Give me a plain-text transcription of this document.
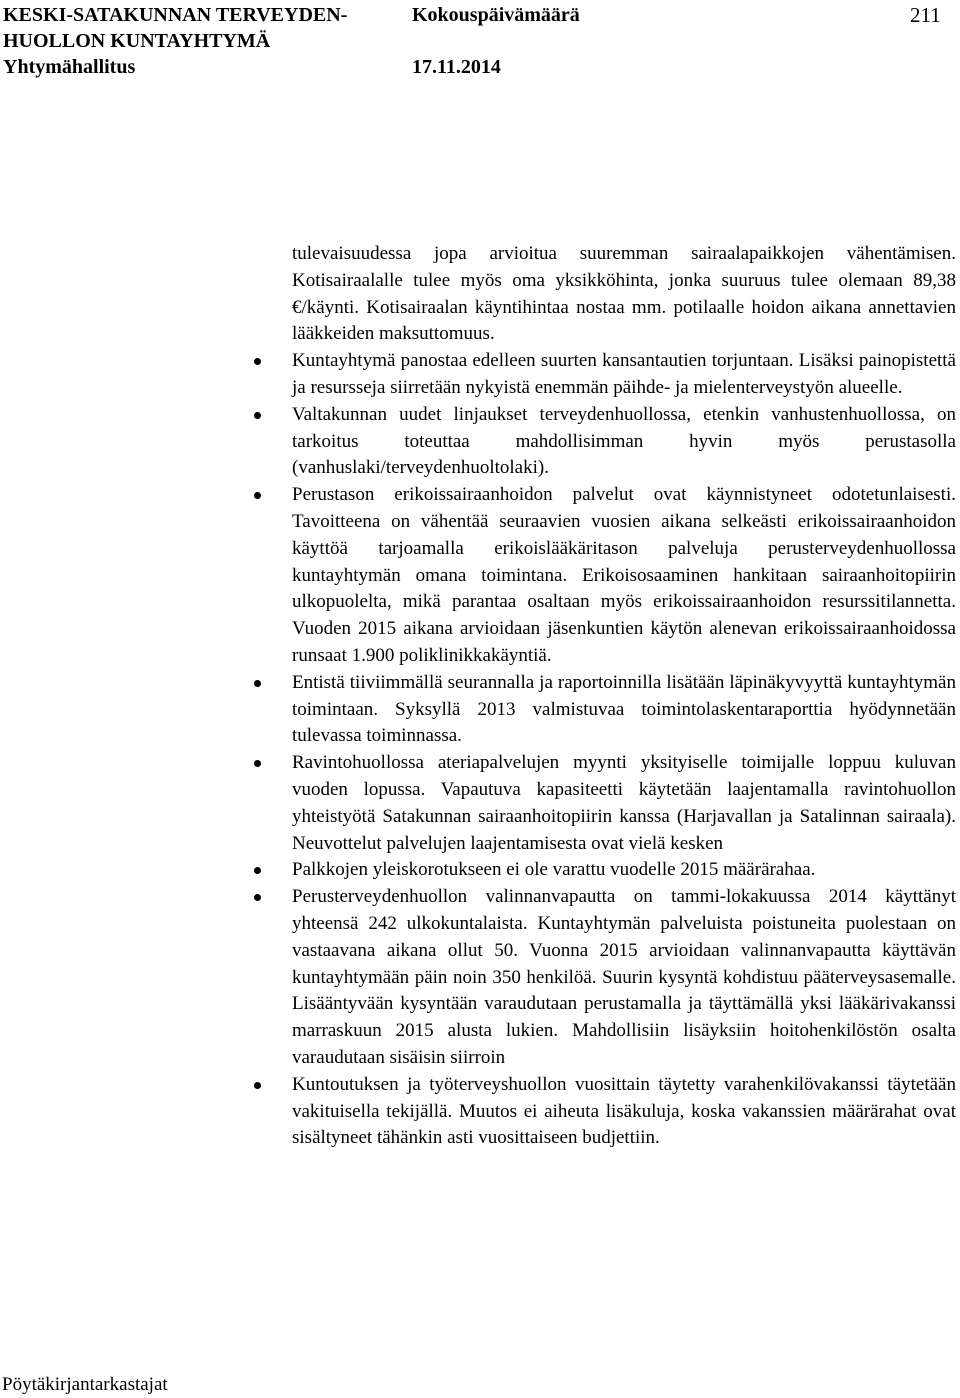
KESKI-SATAKUNNAN TERVEYDEN-
HUOLLON KUNTAYHTYMÄ
Kokouspäivämäärä	211
Yhtymähallitus	17.11.2014

tulevaisuudessa jopa arvioitua suuremman sairaalapaikkojen vähentämisen. Kotisairaalalle tulee myös oma yksikköhinta, jonka suuruus tulee olemaan 89,38 €/käynti. Kotisairaalan käyntihintaa nostaa mm. potilaalle hoidon aikana annettavien lääkkeiden maksuttomuus.

Kuntayhtymä panostaa edelleen suurten kansantautien torjuntaan. Lisäksi painopistettä ja resursseja siirretään nykyistä enemmän päihde- ja mielenterveystyön alueelle.
Valtakunnan uudet linjaukset terveydenhuollossa, etenkin vanhustenhuollossa, on tarkoitus toteuttaa mahdollisimman hyvin myös perustasolla (vanhuslaki/terveydenhuoltolaki).
Perustason erikoissairaanhoidon palvelut ovat käynnistyneet odotetunlaisesti. Tavoitteena on vähentää seuraavien vuosien aikana selkeästi erikoissairaanhoidon käyttöä tarjoamalla erikoislääkäritason palveluja perusterveydenhuollossa kuntayhtymän omana toimintana. Erikoisosaaminen hankitaan sairaanhoitopiirin ulkopuolelta, mikä parantaa osaltaan myös erikoissairaanhoidon resurssitilannetta. Vuoden 2015 aikana arvioidaan jäsenkuntien käytön alenevan erikoissairaanhoidossa runsaat 1.900 poliklinikkakäyntiä.
Entistä tiiviimmällä seurannalla ja raportoinnilla lisätään läpinäkyvyyttä kuntayhtymän toimintaan. Syksyllä 2013 valmistuvaa toimintolaskentaraporttia hyödynnetään tulevassa toiminnassa.
Ravintohuollossa ateriapalvelujen myynti yksityiselle toimijalle loppuu kuluvan vuoden lopussa. Vapautuva kapasiteetti käytetään laajentamalla ravintohuollon yhteistyötä Satakunnan sairaanhoitopiirin kanssa (Harjavallan ja Satalinnan sairaala). Neuvottelut palvelujen laajentamisesta ovat vielä kesken
Palkkojen yleiskorotukseen ei ole varattu vuodelle 2015 määrärahaa.
Perusterveydenhuollon valinnanvapautta on tammi-lokakuussa 2014 käyttänyt yhteensä 242 ulkokuntalaista. Kuntayhtymän palveluista poistuneita puolestaan on vastaavana aikana ollut 50. Vuonna 2015 arvioidaan valinnanvapautta käyttävän kuntayhtymään päin noin 350 henkilöä. Suurin kysyntä kohdistuu pääterveysasemalle. Lisääntyvään kysyntään varaudutaan perustamalla ja täyttämällä yksi lääkärivakanssi marraskuun 2015 alusta lukien. Mahdollisiin lisäyksiin hoitohenkilöstön osalta varaudutaan sisäisin siirroin
Kuntoutuksen ja työterveyshuollon vuosittain täytetty varahenkilövakanssi täytetään vakituisella tekijällä. Muutos ei aiheuta lisäkuluja, koska vakanssien määrärahat ovat sisältyneet tähänkin asti vuosittaiseen budjettiin.
Pöytäkirjantarkastajat
